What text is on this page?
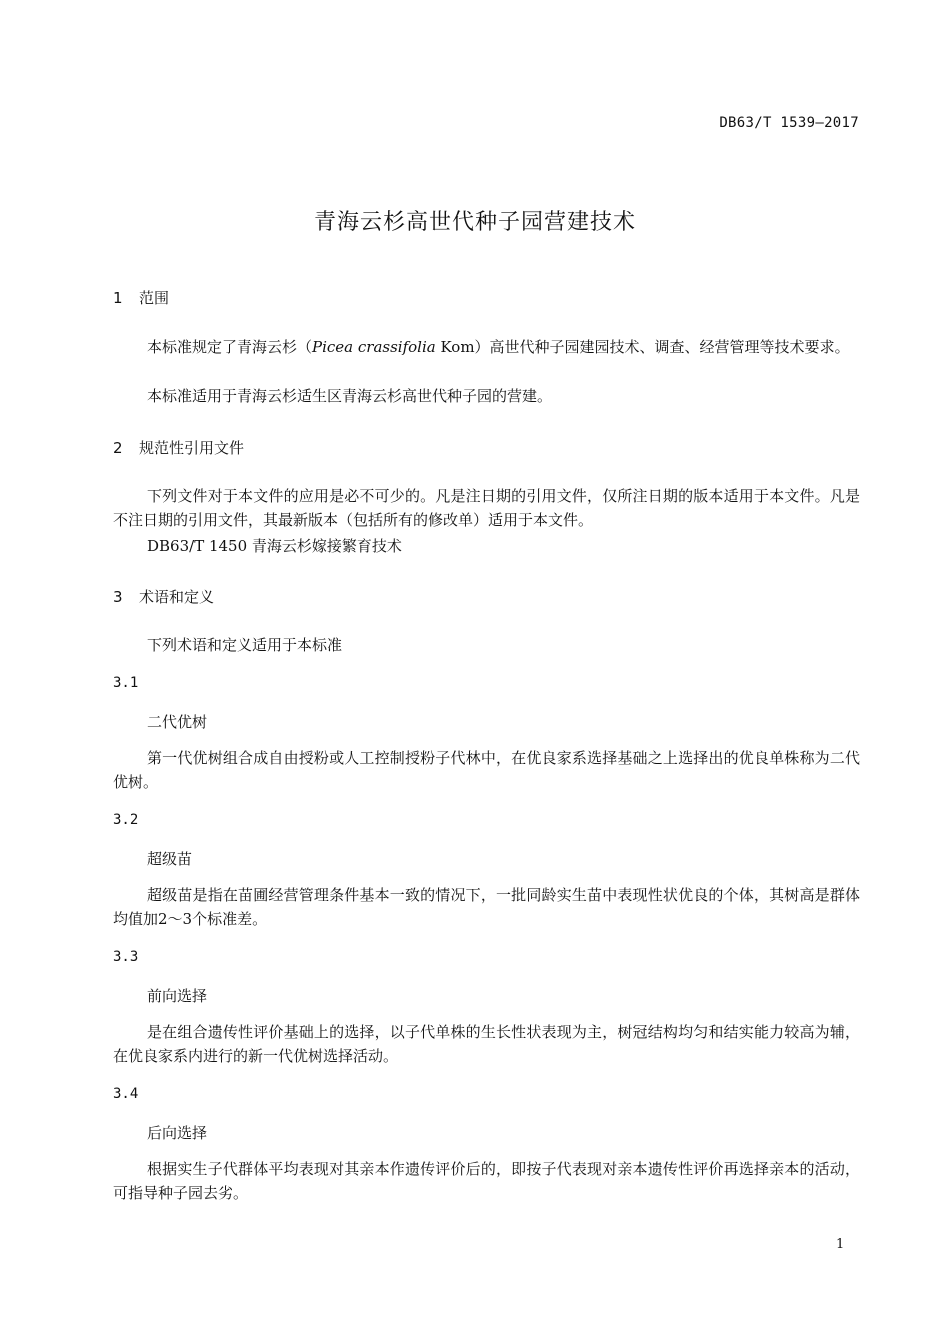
DB63/T 1539—2017
青海云杉高世代种子园营建技术
1 范围
本标准规定了青海云杉（Picea crassifolia Kom）高世代种子园建园技术、调查、经营管理等技术要求。
本标准适用于青海云杉适生区青海云杉高世代种子园的营建。
2 规范性引用文件
下列文件对于本文件的应用是必不可少的。凡是注日期的引用文件，仅所注日期的版本适用于本文件。凡是不注日期的引用文件，其最新版本（包括所有的修改单）适用于本文件。
DB63/T 1450 青海云杉嫁接繁育技术
3 术语和定义
下列术语和定义适用于本标准
3.1
二代优树
第一代优树组合成自由授粉或人工控制授粉子代林中，在优良家系选择基础之上选择出的优良单株称为二代优树。
3.2
超级苗
超级苗是指在苗圃经营管理条件基本一致的情况下，一批同龄实生苗中表现性状优良的个体，其树高是群体均值加2～3个标准差。
3.3
前向选择
是在组合遗传性评价基础上的选择，以子代单株的生长性状表现为主，树冠结构均匀和结实能力较高为辅，在优良家系内进行的新一代优树选择活动。
3.4
后向选择
根据实生子代群体平均表现对其亲本作遗传评价后的，即按子代表现对亲本遗传性评价再选择亲本的活动，可指导种子园去劣。
1
